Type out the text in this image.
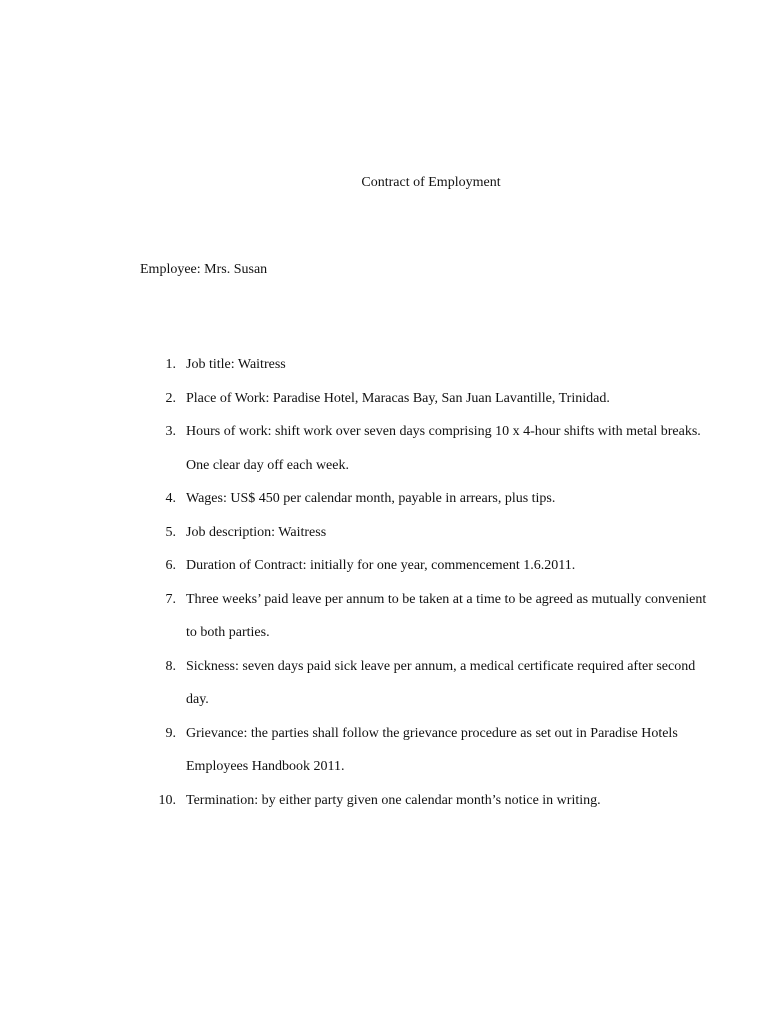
Contract of Employment
Employee: Mrs. Susan
1. Job title: Waitress
2. Place of Work: Paradise Hotel, Maracas Bay, San Juan Lavantille, Trinidad.
3. Hours of work: shift work over seven days comprising 10 x 4-hour shifts with metal breaks. One clear day off each week.
4. Wages: US$ 450 per calendar month, payable in arrears, plus tips.
5. Job description: Waitress
6. Duration of Contract: initially for one year, commencement 1.6.2011.
7. Three weeks’ paid leave per annum to be taken at a time to be agreed as mutually convenient to both parties.
8. Sickness: seven days paid sick leave per annum, a medical certificate required after second day.
9. Grievance: the parties shall follow the grievance procedure as set out in Paradise Hotels Employees Handbook 2011.
10. Termination: by either party given one calendar month’s notice in writing.
